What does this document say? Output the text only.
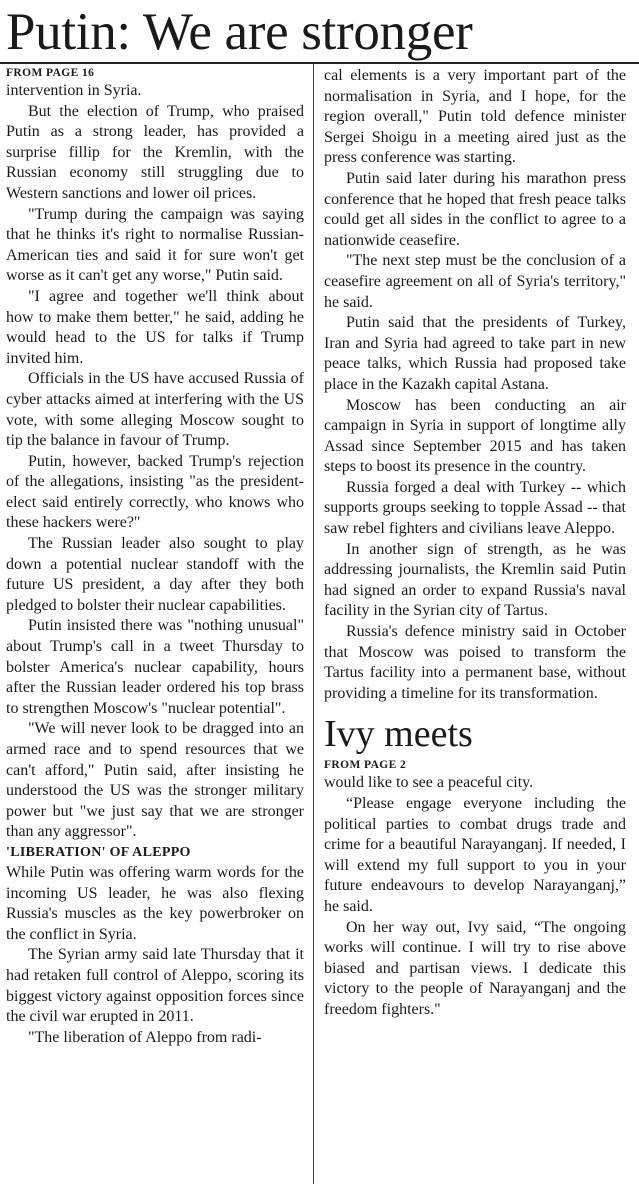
Putin: We are stronger
FROM PAGE 16

intervention in Syria.

But the election of Trump, who praised Putin as a strong leader, has provided a surprise fillip for the Kremlin, with the Russian economy still struggling due to Western sanctions and lower oil prices.

"Trump during the campaign was saying that he thinks it's right to normalise Russian-American ties and said it for sure won't get worse as it can't get any worse," Putin said.

"I agree and together we'll think about how to make them better," he said, adding he would head to the US for talks if Trump invited him.

Officials in the US have accused Russia of cyber attacks aimed at interfering with the US vote, with some alleging Moscow sought to tip the balance in favour of Trump.

Putin, however, backed Trump's rejection of the allegations, insisting "as the president-elect said entirely correctly, who knows who these hackers were?"

The Russian leader also sought to play down a potential nuclear standoff with the future US president, a day after they both pledged to bolster their nuclear capabilities.

Putin insisted there was "nothing unusual" about Trump's call in a tweet Thursday to bolster America's nuclear capability, hours after the Russian leader ordered his top brass to strengthen Moscow's "nuclear potential".

"We will never look to be dragged into an armed race and to spend resources that we can't afford," Putin said, after insisting he understood the US was the stronger military power but "we just say that we are stronger than any aggressor".

'LIBERATION' OF ALEPPO

While Putin was offering warm words for the incoming US leader, he was also flexing Russia's muscles as the key powerbroker on the conflict in Syria.

The Syrian army said late Thursday that it had retaken full control of Aleppo, scoring its biggest victory against opposition forces since the civil war erupted in 2011.

"The liberation of Aleppo from radi-

cal elements is a very important part of the normalisation in Syria, and I hope, for the region overall," Putin told defence minister Sergei Shoigu in a meeting aired just as the press conference was starting.

Putin said later during his marathon press conference that he hoped that fresh peace talks could get all sides in the conflict to agree to a nationwide ceasefire.

"The next step must be the conclusion of a ceasefire agreement on all of Syria's territory," he said.

Putin said that the presidents of Turkey, Iran and Syria had agreed to take part in new peace talks, which Russia had proposed take place in the Kazakh capital Astana.

Moscow has been conducting an air campaign in Syria in support of longtime ally Assad since September 2015 and has taken steps to boost its presence in the country.

Russia forged a deal with Turkey -- which supports groups seeking to topple Assad -- that saw rebel fighters and civilians leave Aleppo.

In another sign of strength, as he was addressing journalists, the Kremlin said Putin had signed an order to expand Russia's naval facility in the Syrian city of Tartus.

Russia's defence ministry said in October that Moscow was poised to transform the Tartus facility into a permanent base, without providing a timeline for its transformation.

Ivy meets
FROM PAGE 2

would like to see a peaceful city.

“Please engage everyone including the political parties to combat drugs trade and crime for a beautiful Narayanganj. If needed, I will extend my full support to you in your future endeavours to develop Narayanganj,” he said.

On her way out, Ivy said, “The ongoing works will continue. I will try to rise above biased and partisan views. I dedicate this victory to the people of Narayanganj and the freedom fighters."
